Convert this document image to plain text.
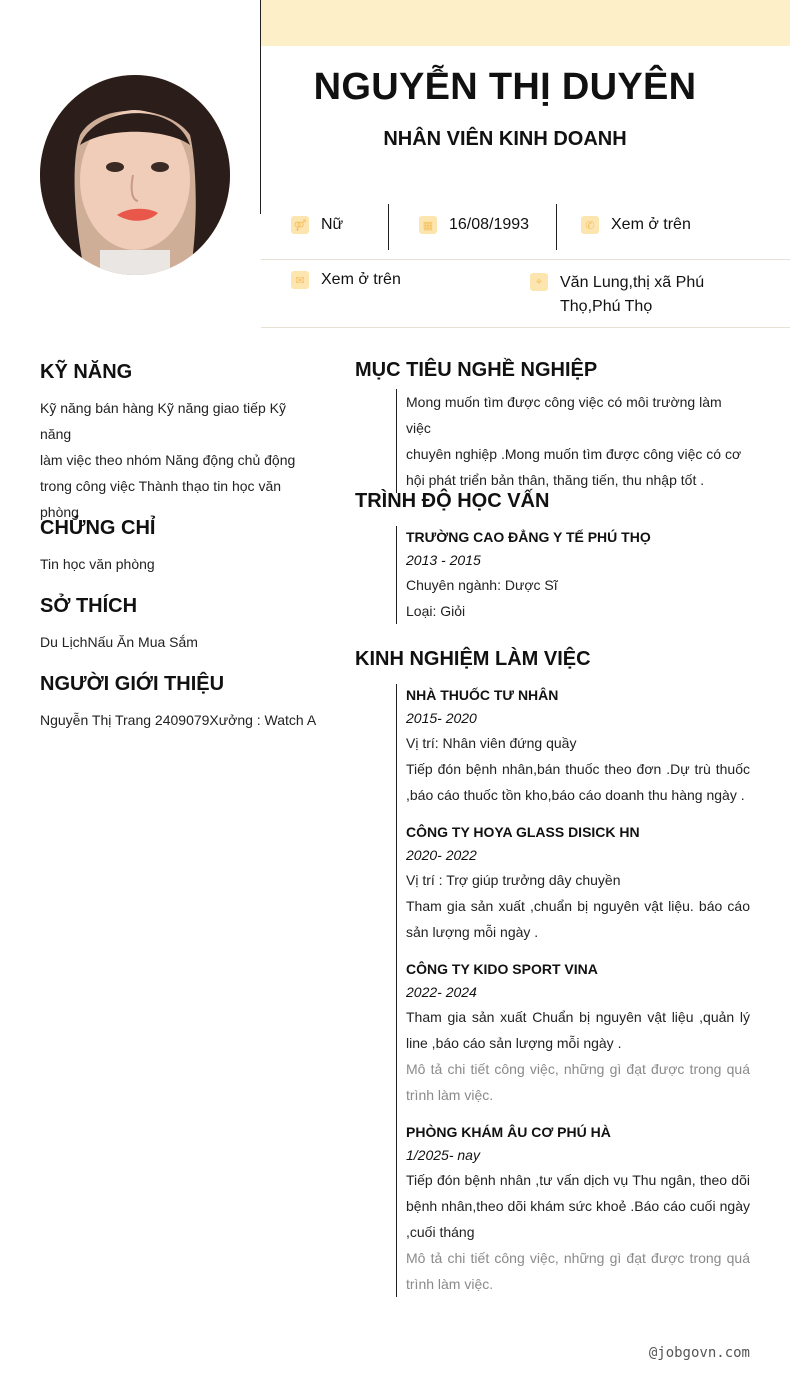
NGUYỄN THỊ DUYÊN
NHÂN VIÊN KINH DOANH
⚤ Nữ	▦ 16/08/1993	✆ Xem ở trên
✉ Xem ở trên	⌖	Văn Lung,thị xã Phú
Thọ,Phú Thọ
KỸ NĂNG
Kỹ năng bán hàng Kỹ năng giao tiếp Kỹ năng
làm việc theo nhóm Năng động chủ động
trong công việc Thành thạo tin học văn
phòng
CHỨNG CHỈ
Tin học văn phòng
SỞ THÍCH
Du LịchNấu Ăn Mua Sắm
NGƯỜI GIỚI THIỆU
Nguyễn Thị Trang 2409079Xưởng : Watch A
MỤC TIÊU NGHỀ NGHIỆP
Mong muốn tìm được công việc có môi trường làm việc
chuyên nghiệp .Mong muốn tìm được công việc có cơ
hội phát triển bản thân, thăng tiến, thu nhập tốt .
TRÌNH ĐỘ HỌC VẤN
TRƯỜNG CAO ĐẲNG Y TẾ PHÚ THỌ
2013 - 2015
Chuyên ngành: Dược Sĩ
Loại: Giỏi
KINH NGHIỆM LÀM VIỆC
NHÀ THUỐC TƯ NHÂN
2015- 2020
Vị trí: Nhân viên đứng quầy
Tiếp đón bệnh nhân,bán thuốc theo đơn .Dự trù thuốc ,báo cáo thuốc tồn kho,báo cáo doanh thu hàng ngày .
CÔNG TY HOYA GLASS DISICK HN
2020- 2022
Vị trí : Trợ giúp trưởng dây chuyền
Tham gia sản xuất ,chuẩn bị nguyên vật liệu. báo cáo sản lượng mỗi ngày .
CÔNG TY KIDO SPORT VINA
2022- 2024
Tham gia sản xuất Chuẩn bị nguyên vật liệu ,quản lý line ,báo cáo sản lượng mỗi ngày .
Mô tả chi tiết công việc, những gì đạt được trong quá trình làm việc.
PHÒNG KHÁM ÂU CƠ PHÚ HÀ
1/2025- nay
Tiếp đón bệnh nhân ,tư vấn dịch vụ Thu ngân, theo dõi bệnh nhân,theo dõi khám sức khoẻ .Báo cáo cuối ngày ,cuối tháng
Mô tả chi tiết công việc, những gì đạt được trong quá trình làm việc.
@jobgovn.com
